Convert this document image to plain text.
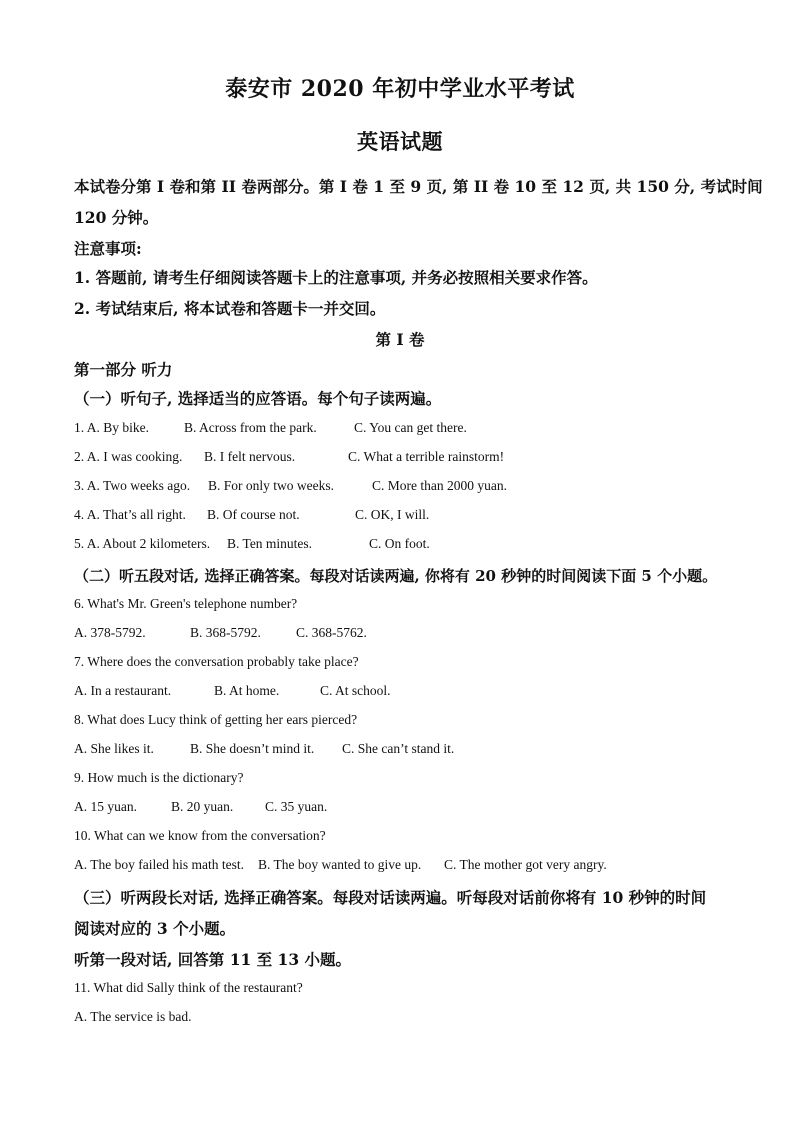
泰安市 2020 年初中学业水平考试
英语试题
本试卷分第 I 卷和第 II 卷两部分。第 I 卷 1 至 9 页, 第 II 卷 10 至 12 页, 共 150 分, 考试时间
120 分钟。
注意事项:
1. 答题前, 请考生仔细阅读答题卡上的注意事项, 并务必按照相关要求作答。
2. 考试结束后, 将本试卷和答题卡一并交回。
第 I 卷
第一部分 听力
（一）听句子, 选择适当的应答语。每个句子读两遍。
1. A. By bike.	B. Across from the park.	C. You can get there.
2. A. I was cooking. B. I felt nervous.	C. What a terrible rainstorm!
3. A. Two weeks ago. B. For only two weeks.	C. More than 2000 yuan.
4. A. That’s all right. B. Of course not.	C. OK, I will.
5. A. About 2 kilometers. B. Ten minutes.	C. On foot.
（二）听五段对话, 选择正确答案。每段对话读两遍, 你将有 20 秒钟的时间阅读下面 5 个小题。
6. What's Mr. Green's telephone number?
A. 378-5792.	B. 368-5792.	C. 368-5762.
7. Where does the conversation probably take place?
A. In a restaurant.	B. At home.	C. At school.
8. What does Lucy think of getting her ears pierced?
A. She likes it.	B. She doesn’t mind it. C. She can’t stand it.
9. How much is the dictionary?
A. 15 yuan.	B. 20 yuan. C. 35 yuan.
10. What can we know from the conversation?
A. The boy failed his math test. B. The boy wanted to give up. C. The mother got very angry.
（三）听两段长对话, 选择正确答案。每段对话读两遍。听每段对话前你将有 10 秒钟的时间
阅读对应的 3 个小题。
听第一段对话, 回答第 11 至 13 小题。
11. What did Sally think of the restaurant?
A. The service is bad.
